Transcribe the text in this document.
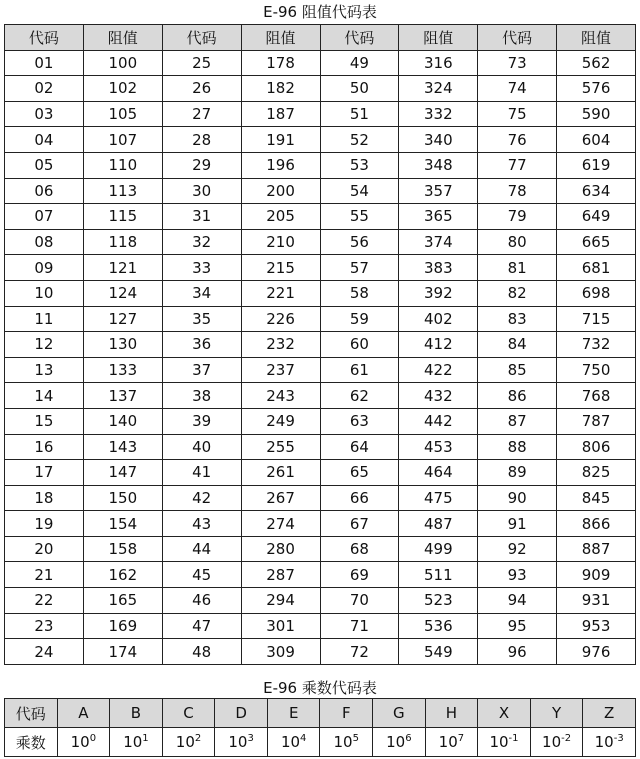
E-96 阻值代码表
代码	阻值	代码	阻值	代码	阻值	代码	阻值
01	100	25	178	49	316	73	562
02	102	26	182	50	324	74	576
03	105	27	187	51	332	75	590
04	107	28	191	52	340	76	604
05	110	29	196	53	348	77	619
06	113	30	200	54	357	78	634
07	115	31	205	55	365	79	649
08	118	32	210	56	374	80	665
09	121	33	215	57	383	81	681
10	124	34	221	58	392	82	698
11	127	35	226	59	402	83	715
12	130	36	232	60	412	84	732
13	133	37	237	61	422	85	750
14	137	38	243	62	432	86	768
15	140	39	249	63	442	87	787
16	143	40	255	64	453	88	806
17	147	41	261	65	464	89	825
18	150	42	267	66	475	90	845
19	154	43	274	67	487	91	866
20	158	44	280	68	499	92	887
21	162	45	287	69	511	93	909
22	165	46	294	70	523	94	931
23	169	47	301	71	536	95	953
24	174	48	309	72	549	96	976
E-96 乘数代码表
代码	A	B	C	D	E	F	G	H	X	Y	Z
乘数	$10^0$	$10^1$	$10^2$	$10^3$	$10^4$	$10^5$	$10^6$	$10^7$	$10^{-1}$	$10^{-2}$	$10^{-3}$
